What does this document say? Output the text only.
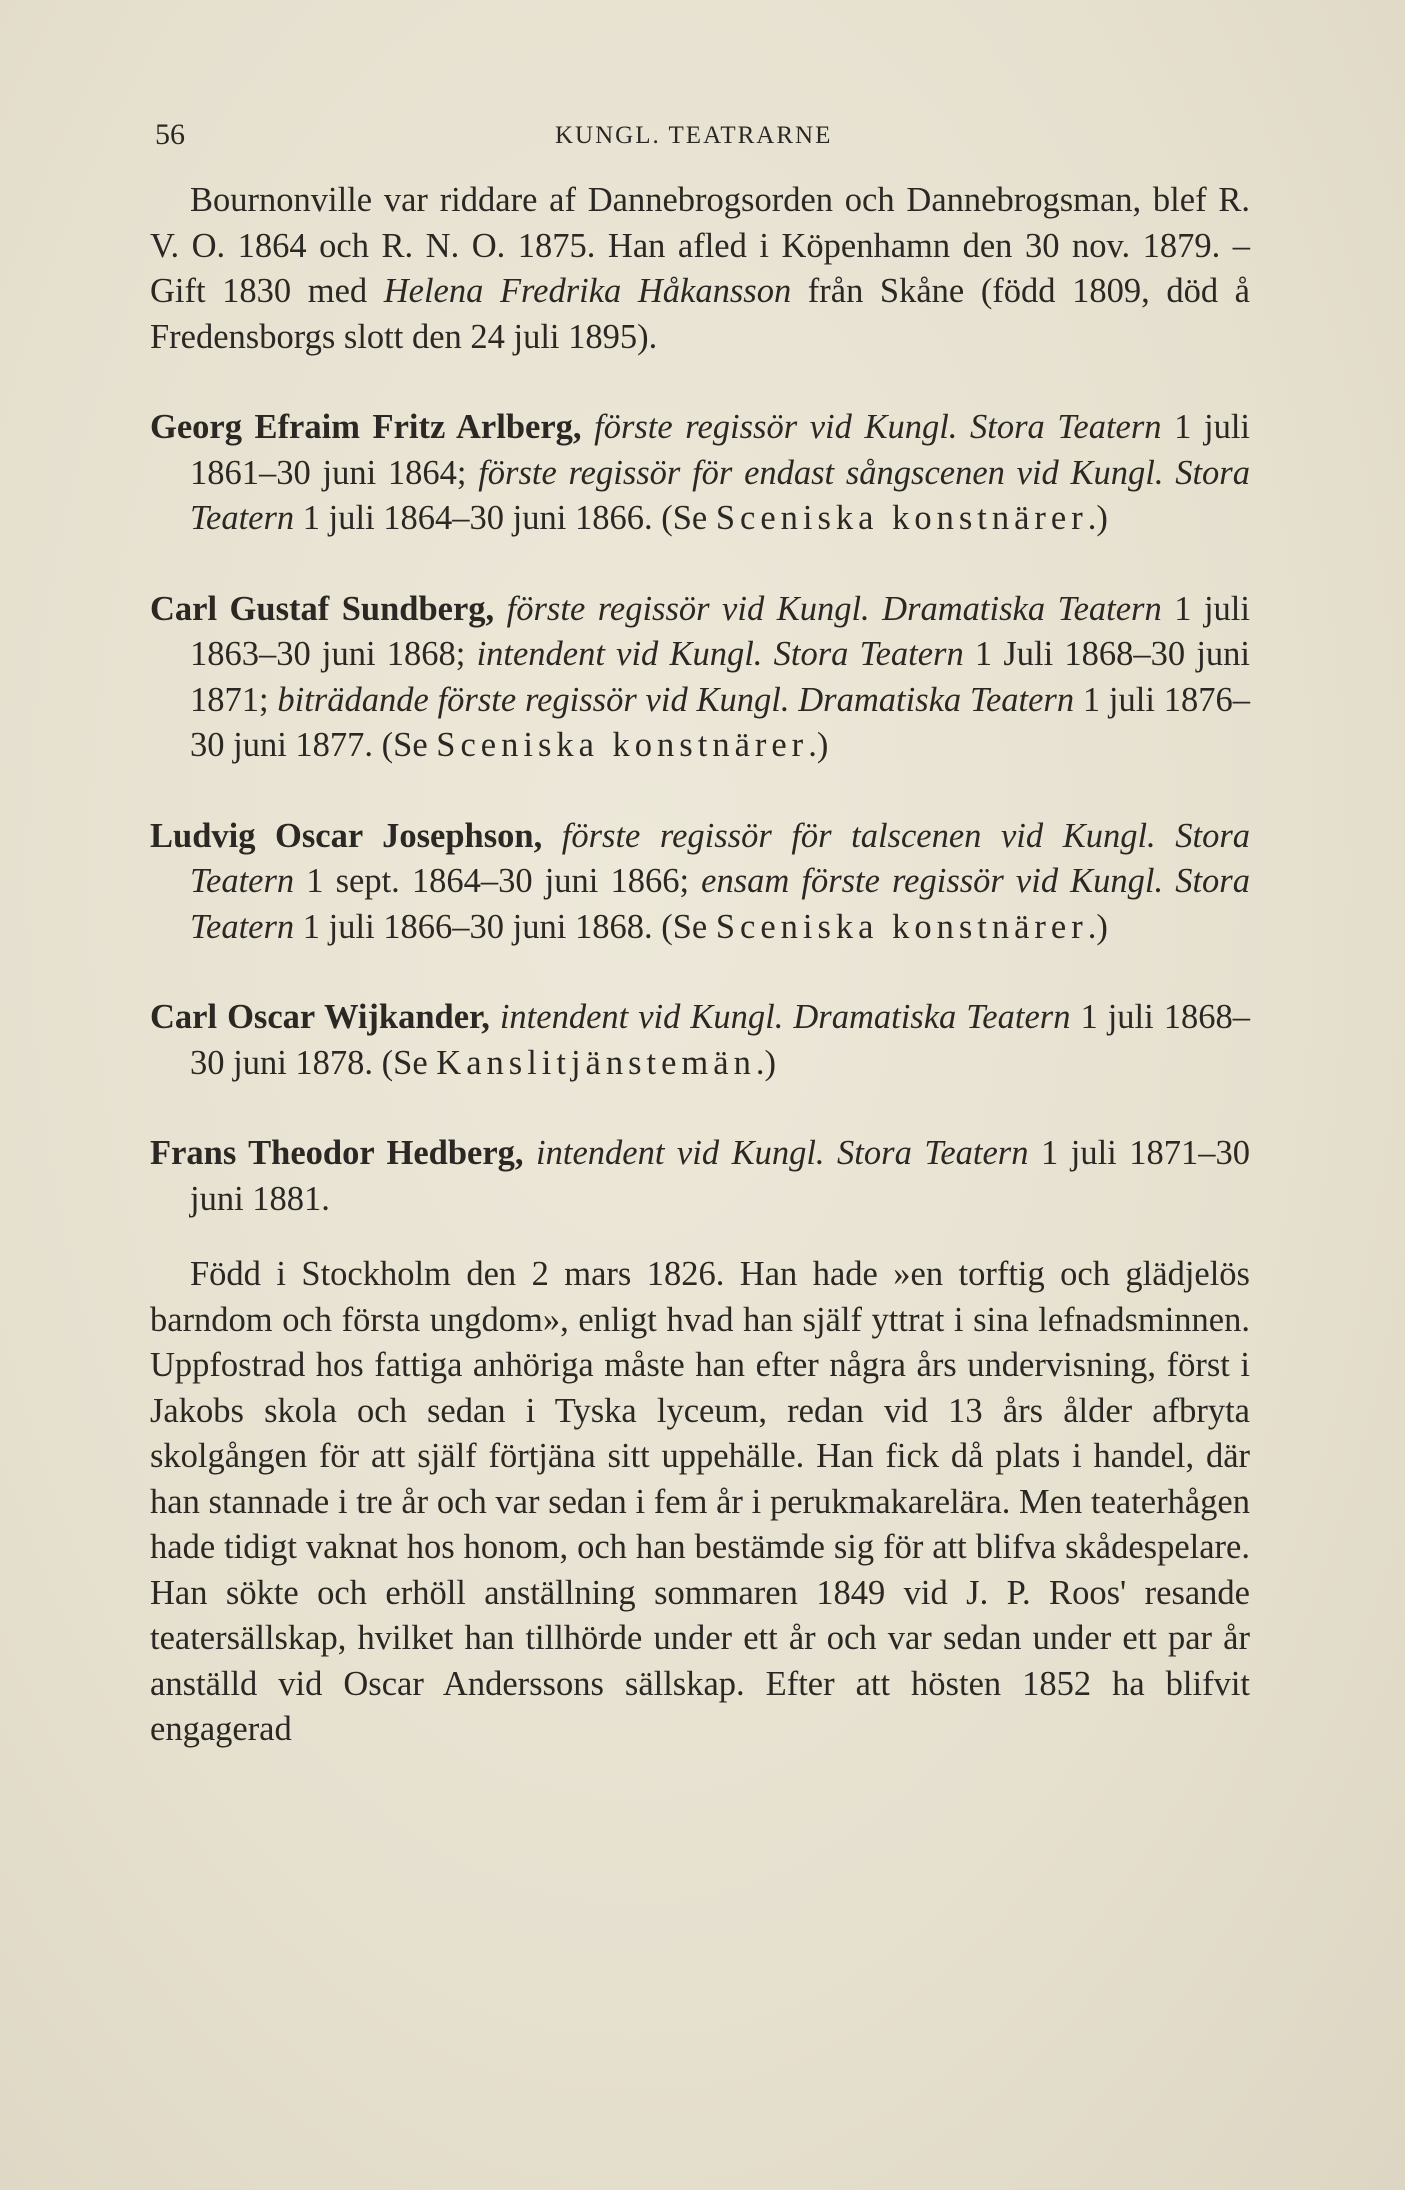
56	KUNGL. TEATRARNE

Bournonville var riddare af Dannebrogsorden och Dannebrogsman, blef R. V. O. 1864 och R. N. O. 1875. Han afled i Köpenhamn den 30 nov. 1879. – Gift 1830 med Helena Fredrika Håkansson från Skåne (född 1809, död å Fredensborgs slott den 24 juli 1895).

Georg Efraim Fritz Arlberg, förste regissör vid Kungl. Stora Teatern 1 juli 1861–30 juni 1864; förste regissör för endast sångscenen vid Kungl. Stora Teatern 1 juli 1864–30 juni 1866. (Se Sceniska konstnärer.)

Carl Gustaf Sundberg, förste regissör vid Kungl. Dramatiska Teatern 1 juli 1863–30 juni 1868; intendent vid Kungl. Stora Teatern 1 Juli 1868–30 juni 1871; biträdande förste regissör vid Kungl. Dramatiska Teatern 1 juli 1876–30 juni 1877. (Se Sceniska konstnärer.)

Ludvig Oscar Josephson, förste regissör för talscenen vid Kungl. Stora Teatern 1 sept. 1864–30 juni 1866; ensam förste regissör vid Kungl. Stora Teatern 1 juli 1866–30 juni 1868. (Se Sceniska konstnärer.)

Carl Oscar Wijkander, intendent vid Kungl. Dramatiska Teatern 1 juli 1868–30 juni 1878. (Se Kanslitjänstemän.)

Frans Theodor Hedberg, intendent vid Kungl. Stora Teatern 1 juli 1871–30 juni 1881.

Född i Stockholm den 2 mars 1826. Han hade »en torftig och glädjelös barndom och första ungdom», enligt hvad han själf yttrat i sina lefnadsminnen. Uppfostrad hos fattiga anhöriga måste han efter några års undervisning, först i Jakobs skola och sedan i Tyska lyceum, redan vid 13 års ålder afbryta skolgången för att själf förtjäna sitt uppehälle. Han fick då plats i handel, där han stannade i tre år och var sedan i fem år i perukmakarelära. Men teaterhågen hade tidigt vaknat hos honom, och han bestämde sig för att blifva skådespelare. Han sökte och erhöll anställning sommaren 1849 vid J. P. Roos' resande teatersällskap, hvilket han tillhörde under ett år och var sedan under ett par år anställd vid Oscar Anderssons sällskap. Efter att hösten 1852 ha blifvit engagerad
